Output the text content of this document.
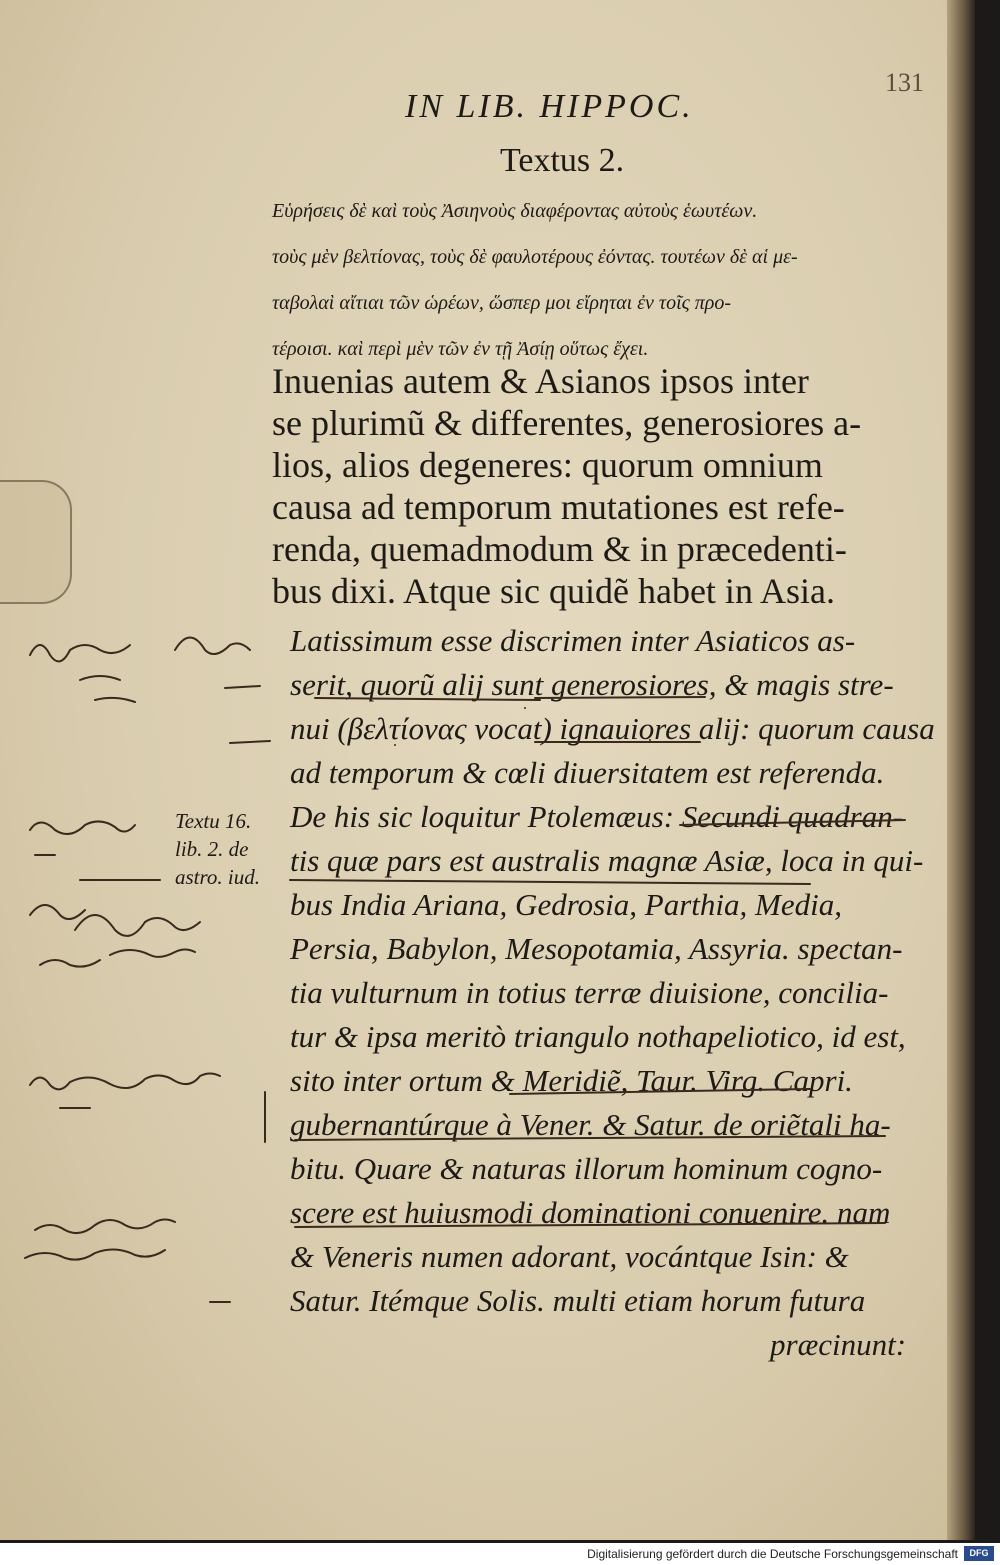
IN LIB. HIPPOC.
131
Textus 2.
Εὑρήσεις δὲ καὶ τοὺς Ἀσιηνοὺς διαφέροντας αὐτοὺς ἑωυτέων.
τοὺς μὲν βελτίονας, τοὺς δὲ φαυλοτέρους ἐόντας. τουτέων δὲ αἱ με-
ταβολαὶ αἴτιαι τῶν ὡρέων, ὥσπερ μοι εἴρηται ἐν τοῖς προ-
τέροισι. καὶ περὶ μὲν τῶν ἐν τῇ Ἀσίῃ οὕτως ἔχει.
Inuenias autem & Asianos ipsos inter
se plurimũ & differentes, generosiores a-
lios, alios degeneres: quorum omnium
causa ad temporum mutationes est refe-
renda, quemadmodum & in præcedenti-
bus dixi. Atque sic quidẽ habet in Asia.
Latissimum esse discrimen inter Asiaticos as-
serit, quorũ alij sunt generosiores, & magis stre-
nui (βελτίονας vocat) ignauiores alij: quorum causa
ad temporum & cœli diuersitatem est referenda.
De his sic loquitur Ptolemæus: Secundi quadran-
tis quæ pars est australis magnæ Asiæ, loca in qui-
bus India Ariana, Gedrosia, Parthia, Media,
Persia, Babylon, Mesopotamia, Assyria. spectan-
tia vulturnum in totius terræ diuisione, concilia-
tur & ipsa meritò triangulo nothapeliotico, id est,
sito inter ortum & Meridiẽ, Taur. Virg. Capri.
gubernantúrque à Vener. & Satur. de oriẽtali ha-
bitu. Quare & naturas illorum hominum cogno-
scere est huiusmodi dominationi conuenire. nam
& Veneris numen adorant, vocántque Isin: &
Satur. Itémque Solis. multi etiam horum futura
præcinunt:
Textu 16.
lib. 2. de
astro. iud.
Digitalisierung gefördert durch die Deutsche Forschungsgemeinschaft	DFG
